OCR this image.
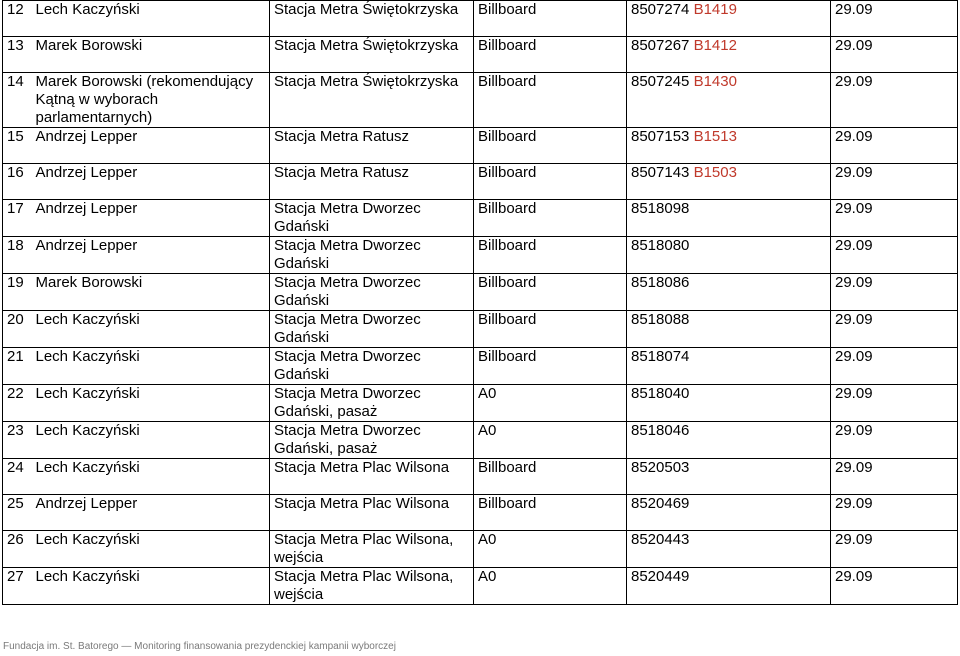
12	Lech Kaczyński	Stacja Metra Świętokrzyska	Billboard	8507274 B1419	29.09
13	Marek Borowski	Stacja Metra Świętokrzyska	Billboard	8507267 B1412	29.09
14	Marek Borowski (rekomendujący Kątną w wyborach parlamentarnych)	Stacja Metra Świętokrzyska	Billboard	8507245 B1430	29.09
15	Andrzej Lepper	Stacja Metra Ratusz	Billboard	8507153 B1513	29.09
16	Andrzej Lepper	Stacja Metra Ratusz	Billboard	8507143 B1503	29.09
17	Andrzej Lepper	Stacja Metra Dworzec Gdański	Billboard	8518098	29.09
18	Andrzej Lepper	Stacja Metra Dworzec Gdański	Billboard	8518080	29.09
19	Marek Borowski	Stacja Metra Dworzec Gdański	Billboard	8518086	29.09
20	Lech Kaczyński	Stacja Metra Dworzec Gdański	Billboard	8518088	29.09
21	Lech Kaczyński	Stacja Metra Dworzec Gdański	Billboard	8518074	29.09
22	Lech Kaczyński	Stacja Metra Dworzec Gdański, pasaż	A0	8518040	29.09
23	Lech Kaczyński	Stacja Metra Dworzec Gdański, pasaż	A0	8518046	29.09
24	Lech Kaczyński	Stacja Metra Plac Wilsona	Billboard	8520503	29.09
25	Andrzej Lepper	Stacja Metra Plac Wilsona	Billboard	8520469	29.09
26	Lech Kaczyński	Stacja Metra Plac Wilsona, wejścia	A0	8520443	29.09
27	Lech Kaczyński	Stacja Metra Plac Wilsona, wejścia	A0	8520449	29.09
Fundacja im. St. Batorego — Monitoring finansowania prezydenckiej kampanii wyborczej
